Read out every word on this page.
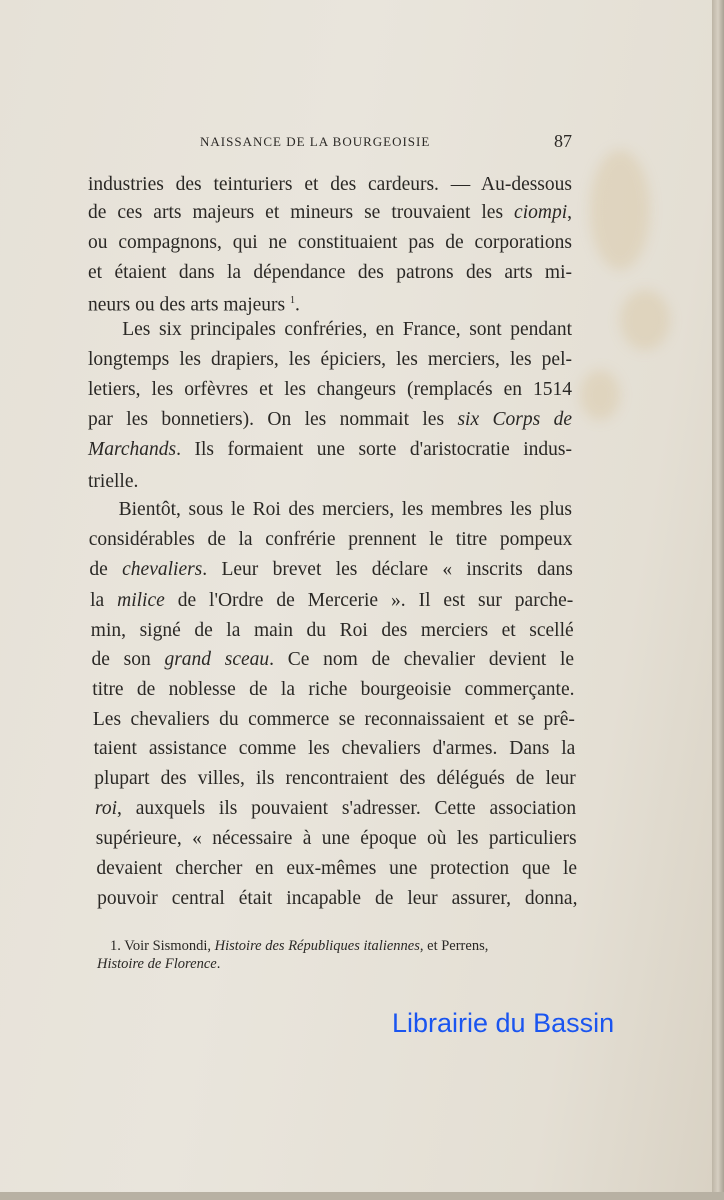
NAISSANCE DE LA BOURGEOISIE	87
industries des teinturiers et des cardeurs. — Au-dessous
de ces arts majeurs et mineurs se trouvaient les ciompi,
ou compagnons, qui ne constituaient pas de corporations
et étaient dans la dépendance des patrons des arts mi-
neurs ou des arts majeurs $^1$.
Les six principales confréries, en France, sont pendant
longtemps les drapiers, les épiciers, les merciers, les pel-
letiers, les orfèvres et les changeurs (remplacés en 1514
par les bonnetiers). On les nommait les six Corps de
Marchands. Ils formaient une sorte d'aristocratie indus-
trielle.
Bientôt, sous le Roi des merciers, les membres les plus
considérables de la confrérie prennent le titre pompeux
de chevaliers. Leur brevet les déclare « inscrits dans
la milice de l'Ordre de Mercerie ». Il est sur parche-
min, signé de la main du Roi des merciers et scellé
de son grand sceau. Ce nom de chevalier devient le
titre de noblesse de la riche bourgeoisie commerçante.
Les chevaliers du commerce se reconnaissaient et se prê-
taient assistance comme les chevaliers d'armes. Dans la
plupart des villes, ils rencontraient des délégués de leur
roi, auxquels ils pouvaient s'adresser. Cette association
supérieure, « nécessaire à une époque où les particuliers
devaient chercher en eux-mêmes une protection que le
pouvoir central était incapable de leur assurer, donna,
1. Voir Sismondi, Histoire des Républiques italiennes, et Perrens,
Histoire de Florence.
Librairie du Bassin
